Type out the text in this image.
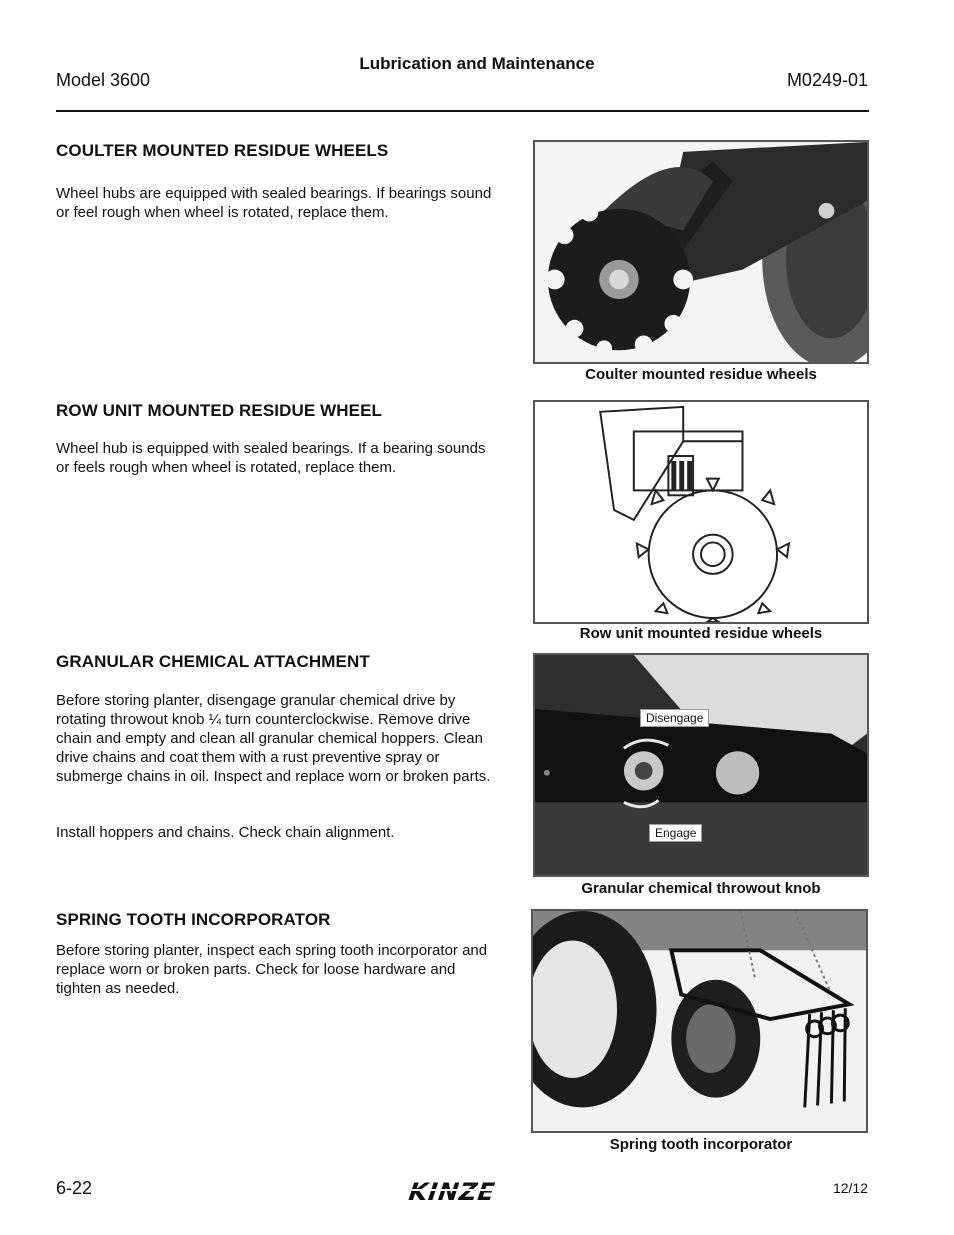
Lubrication and Maintenance
Model 3600	M0249-01
COULTER MOUNTED RESIDUE WHEELS

Wheel hubs are equipped with sealed bearings. If bearings sound or feel rough when wheel is rotated, replace them.

Coulter mounted residue wheels
ROW UNIT MOUNTED RESIDUE WHEEL

Wheel hub is equipped with sealed bearings. If a bearing sounds or feels rough when wheel is rotated, replace them.

Row unit mounted residue wheels
GRANULAR CHEMICAL ATTACHMENT

Before storing planter, disengage granular chemical drive by rotating throwout knob ¼ turn counterclockwise. Remove drive chain and empty and clean all granular chemical hoppers. Clean drive chains and coat them with a rust preventive spray or submerge chains in oil. Inspect and replace worn or broken parts.

Install hoppers and chains. Check chain alignment.

Disengage
Engage
Granular chemical throwout knob
SPRING TOOTH INCORPORATOR

Before storing planter, inspect each spring tooth incorporator and replace worn or broken parts. Check for loose hardware and tighten as needed.

Spring tooth incorporator
6-22	KINZE	12/12
